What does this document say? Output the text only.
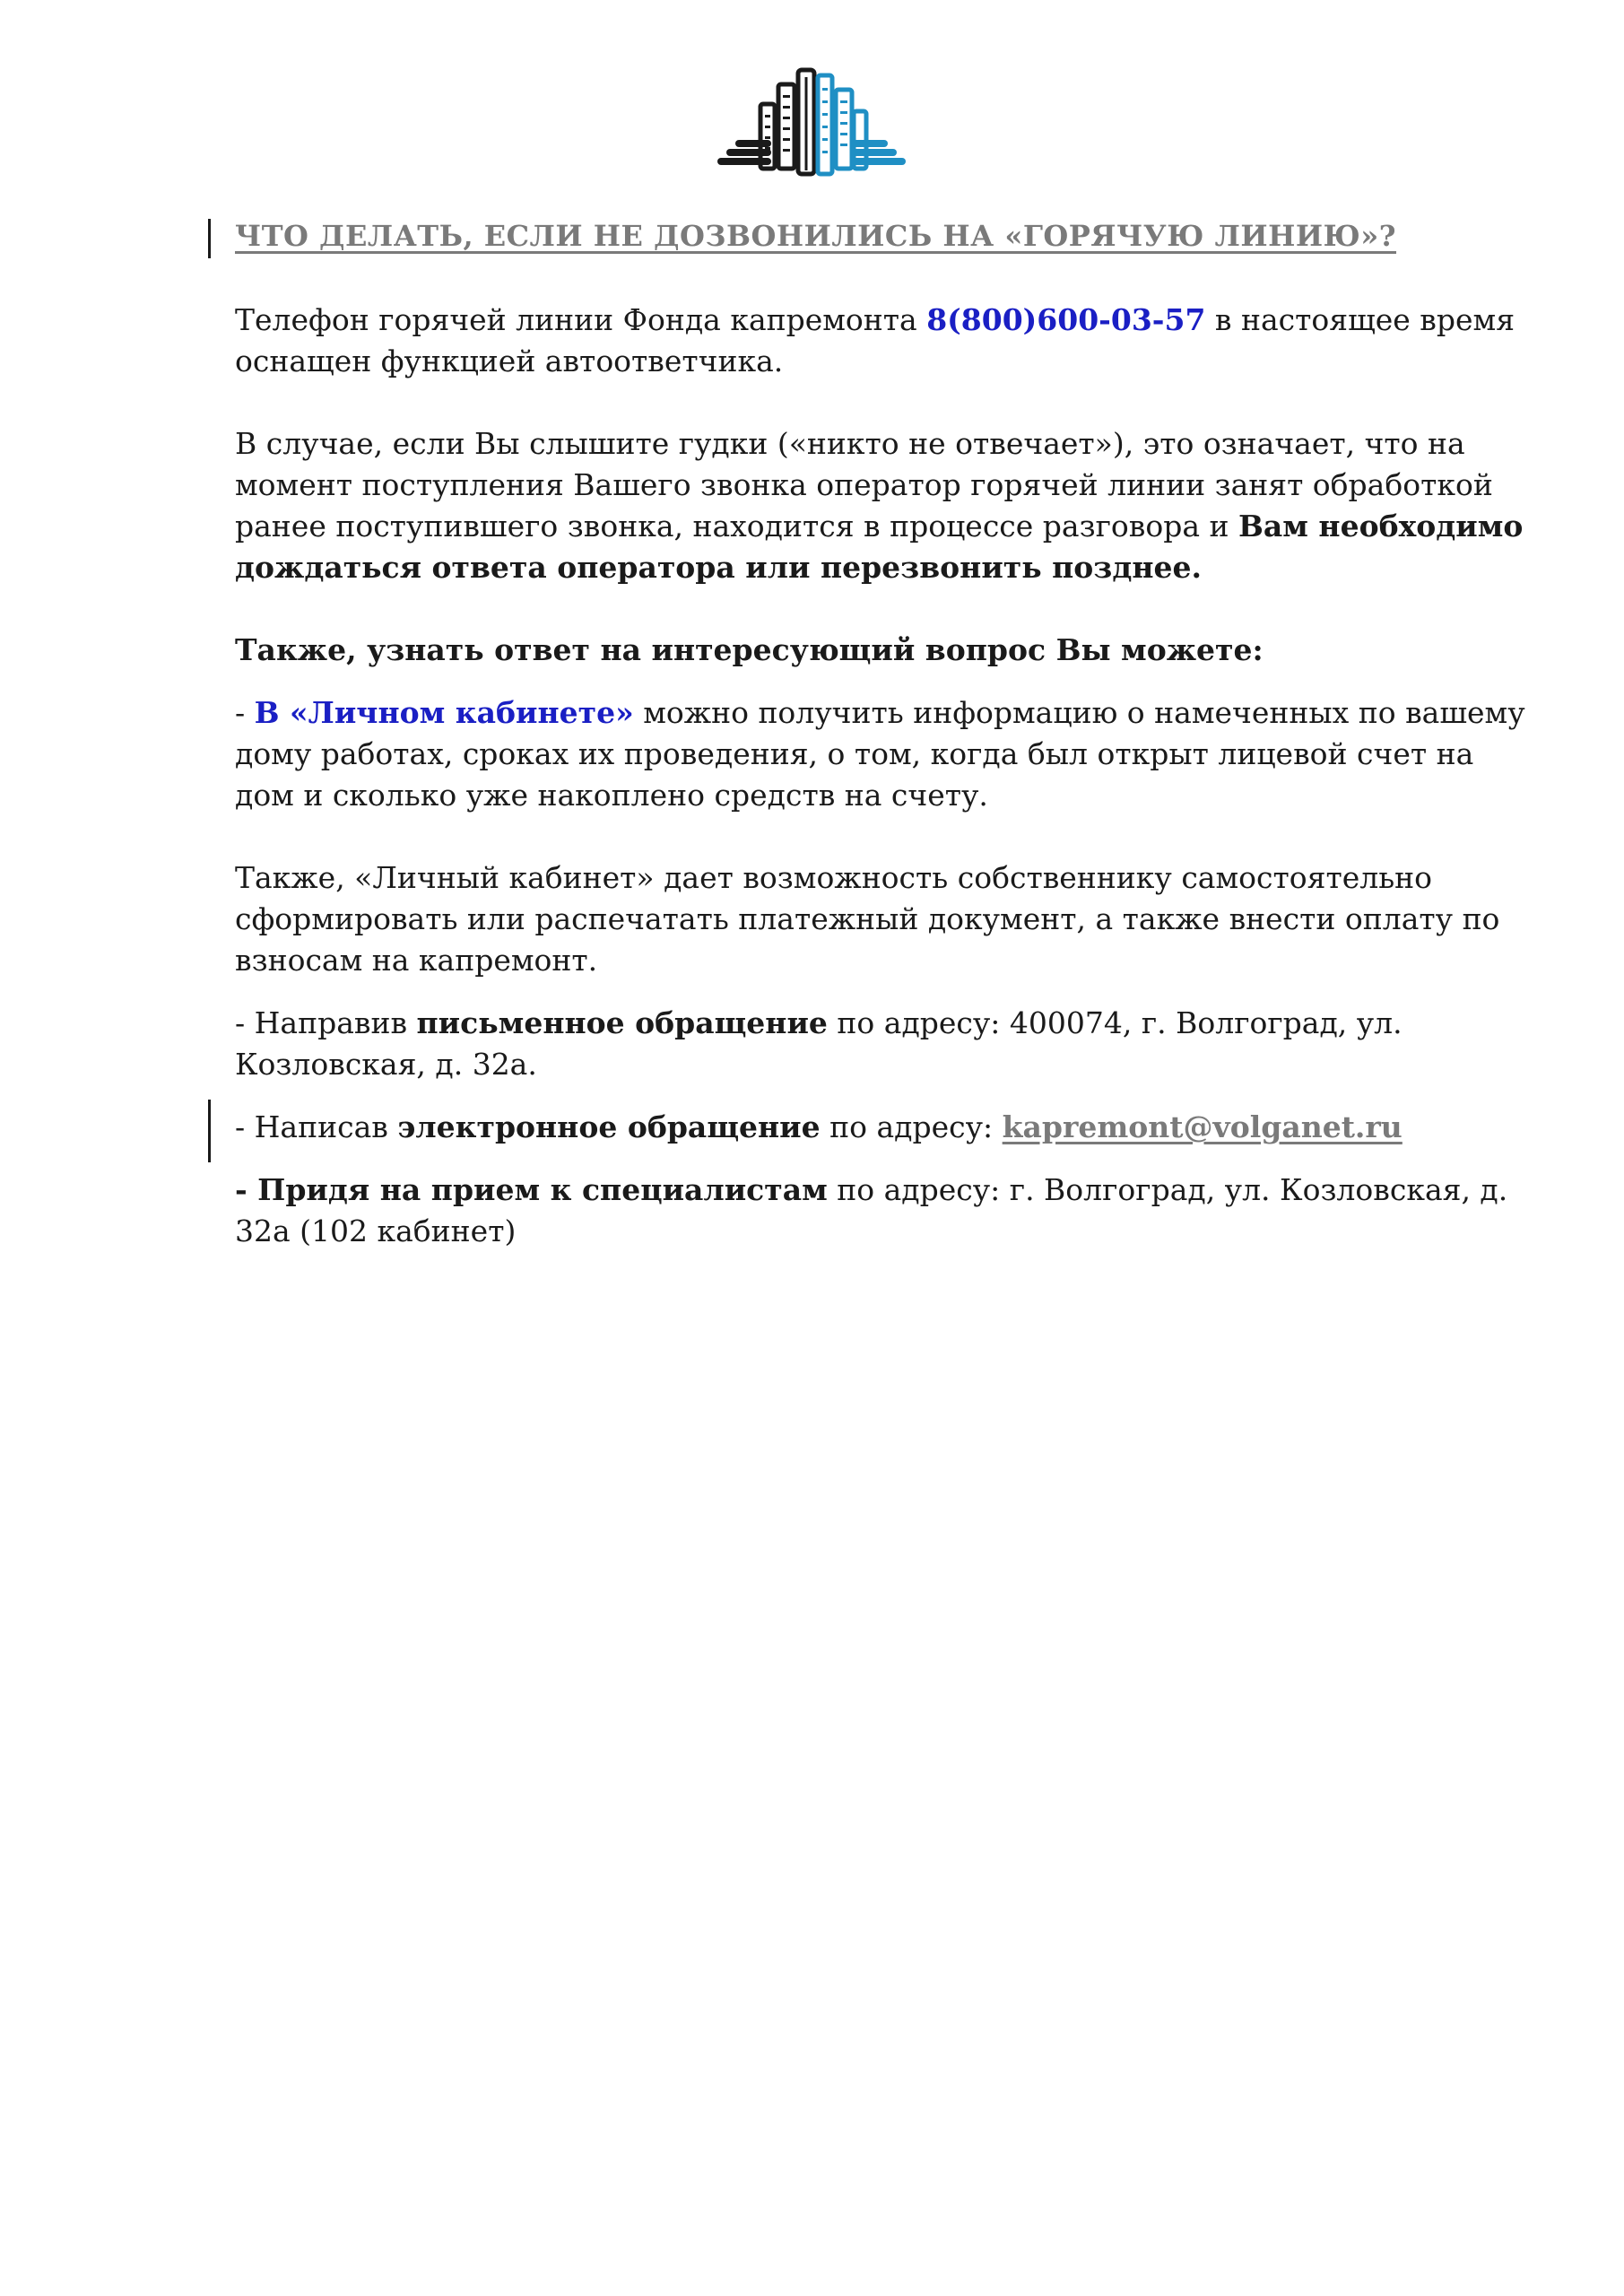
ЧТО ДЕЛАТЬ, ЕСЛИ НЕ ДОЗВОНИЛИСЬ НА «ГОРЯЧУЮ ЛИНИЮ»?

Телефон горячей линии Фонда капремонта 8(800)600-03-57 в настоящее время оснащен функцией автоответчика.

В случае, если Вы слышите гудки («никто не отвечает»), это означает, что на момент поступления Вашего звонка оператор горячей линии занят обработкой ранее поступившего звонка, находится в процессе разговора и Вам необходимо дождаться ответа оператора или перезвонить позднее.

Также, узнать ответ на интересующий вопрос Вы можете:

- В «Личном кабинете» можно получить информацию о намеченных по вашему дому работах, сроках их проведения, о том, когда был открыт лицевой счет на дом и сколько уже накоплено средств на счету.

Также, «Личный кабинет» дает возможность собственнику самостоятельно сформировать или распечатать платежный документ, а также внести оплату по взносам на капремонт.

- Направив письменное обращение по адресу: 400074, г. Волгоград, ул. Козловская, д. 32а.

- Написав электронное обращение по адресу: kapremont@volganet.ru

- Придя на прием к специалистам по адресу: г. Волгоград, ул. Козловская, д. 32а (102 кабинет)
